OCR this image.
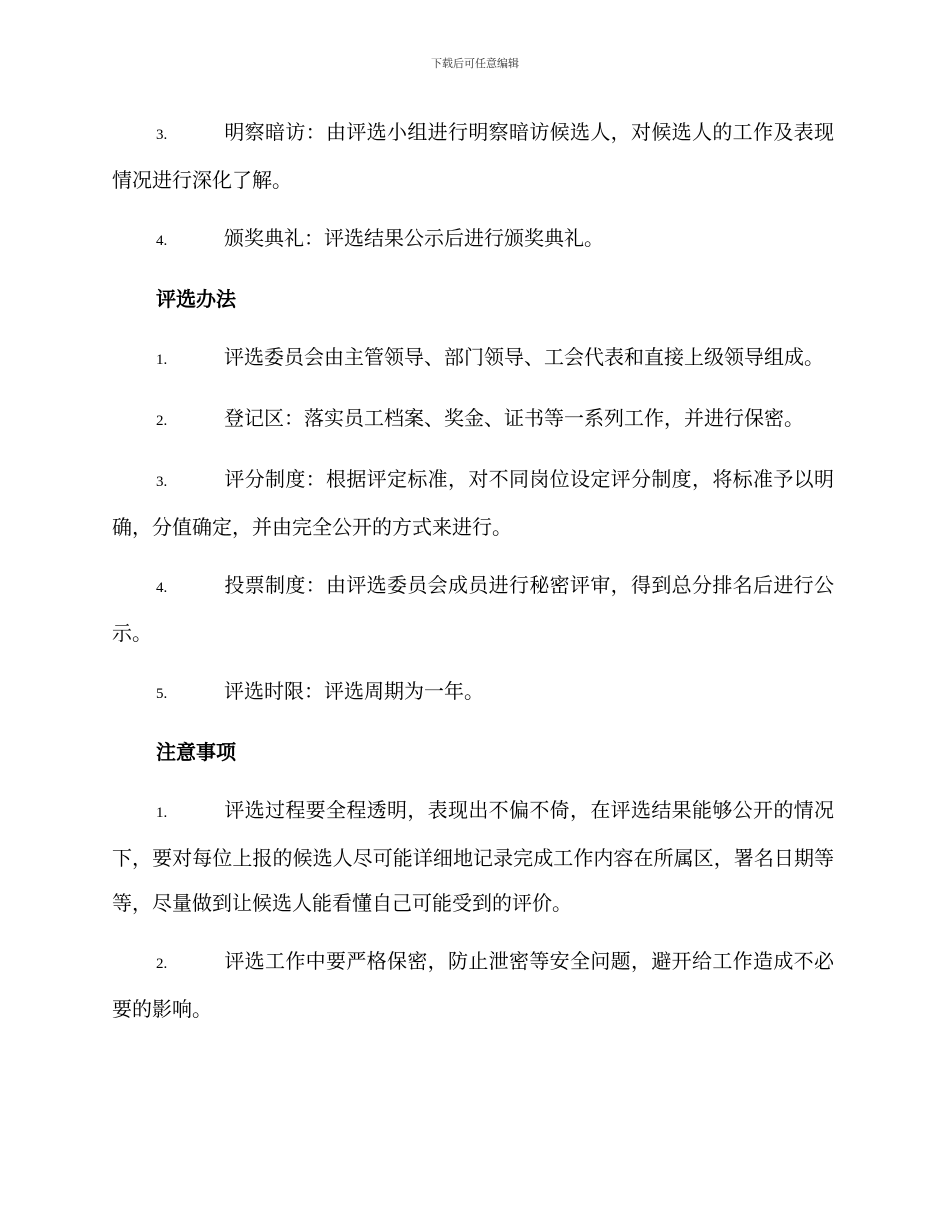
下载后可任意编辑

3.	明察暗访：由评选小组进行明察暗访候选人，对候选人的工作及表现情况进行深化了解。

4.	颁奖典礼：评选结果公示后进行颁奖典礼。

评选办法

1.	评选委员会由主管领导、部门领导、工会代表和直接上级领导组成。

2.	登记区：落实员工档案、奖金、证书等一系列工作，并进行保密。

3.	评分制度：根据评定标准，对不同岗位设定评分制度，将标准予以明确，分值确定，并由完全公开的方式来进行。

4.	投票制度：由评选委员会成员进行秘密评审，得到总分排名后进行公示。

5.	评选时限：评选周期为一年。

注意事项

1.	评选过程要全程透明，表现出不偏不倚，在评选结果能够公开的情况下，要对每位上报的候选人尽可能详细地记录完成工作内容在所属区，署名日期等等，尽量做到让候选人能看懂自己可能受到的评价。

2.	评选工作中要严格保密，防止泄密等安全问题，避开给工作造成不必要的影响。
